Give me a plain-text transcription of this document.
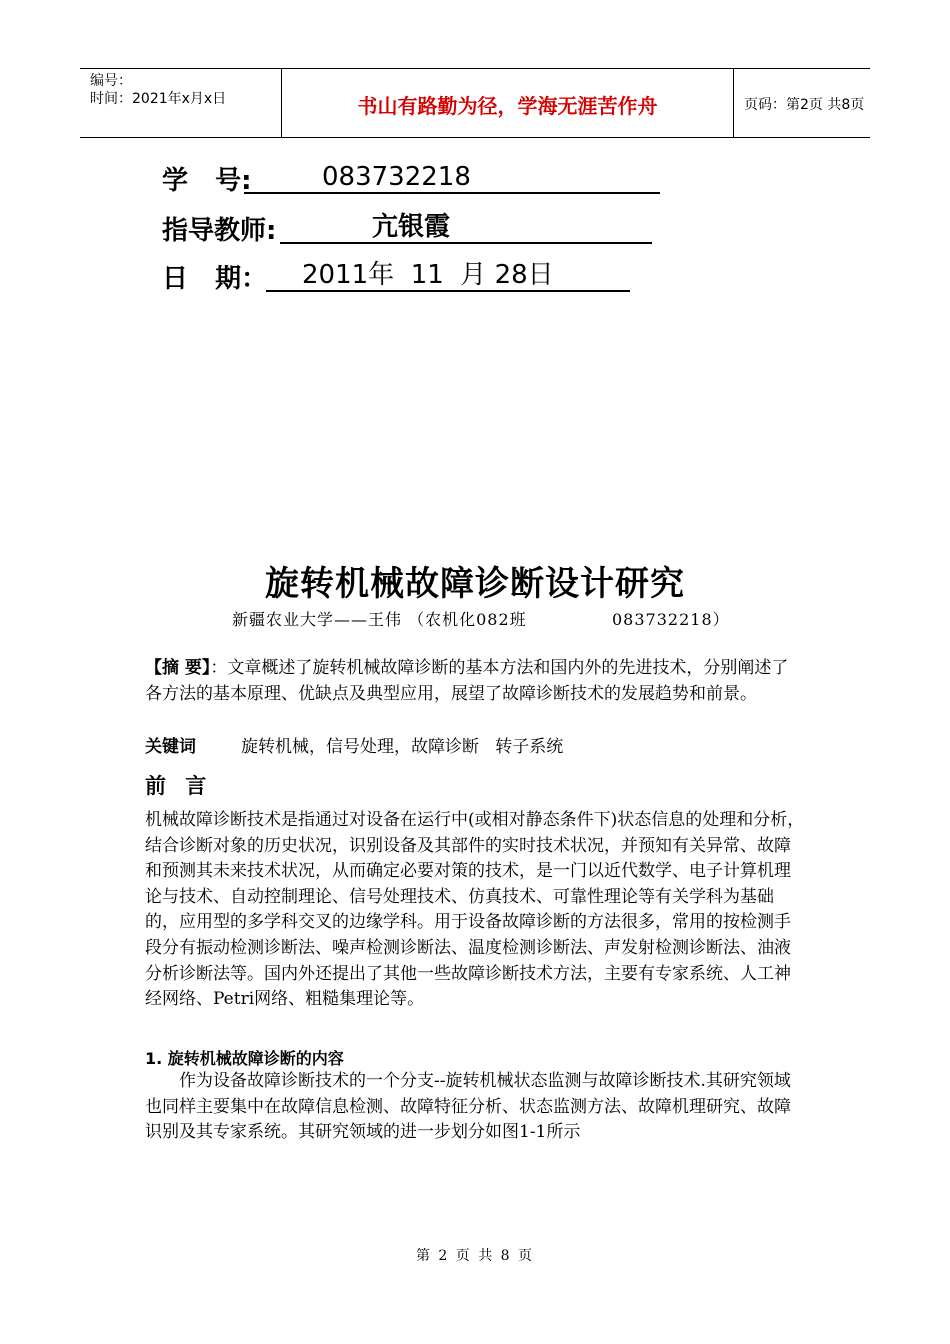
编号：
时间：2021年x月x日	书山有路勤为径，学海无涯苦作舟	页码：第2页 共8页
学   号:	083732218
指导教师:	亢银霞
日   期： 2011年  11  月 28日
旋转机械故障诊断设计研究
新疆农业大学——王伟 （农机化082班	083732218）

【摘 要】：文章概述了旋转机械故障诊断的基本方法和国内外的先进技术，分别阐述了各方法的基本原理、优缺点及典型应用，展望了故障诊断技术的发展趋势和前景。

关键词	旋转机械，信号处理，故障诊断   转子系统
前 言

机械故障诊断技术是指通过对设备在运行中(或相对静态条件下)状态信息的处理和分析，结合诊断对象的历史状况，识别设备及其部件的实时技术状况，并预知有关异常、故障和预测其未来技术状况，从而确定必要对策的技术，是一门以近代数学、电子计算机理论与技术、自动控制理论、信号处理技术、仿真技术、可靠性理论等有关学科为基础的，应用型的多学科交叉的边缘学科。用于设备故障诊断的方法很多，常用的按检测手段分有振动检测诊断法、噪声检测诊断法、温度检测诊断法、声发射检测诊断法、油液分析诊断法等。国内外还提出了其他一些故障诊断技术方法，主要有专家系统、人工神经网络、Petri网络、粗糙集理论等。

1. 旋转机械故障诊断的内容

作为设备故障诊断技术的一个分支--旋转机械状态监测与故障诊断技术.其研究领域也同样主要集中在故障信息检测、故障特征分析、状态监测方法、故障机理研究、故障识别及其专家系统。其研究领域的进一步划分如图1-1所示

第 2 页 共 8 页
